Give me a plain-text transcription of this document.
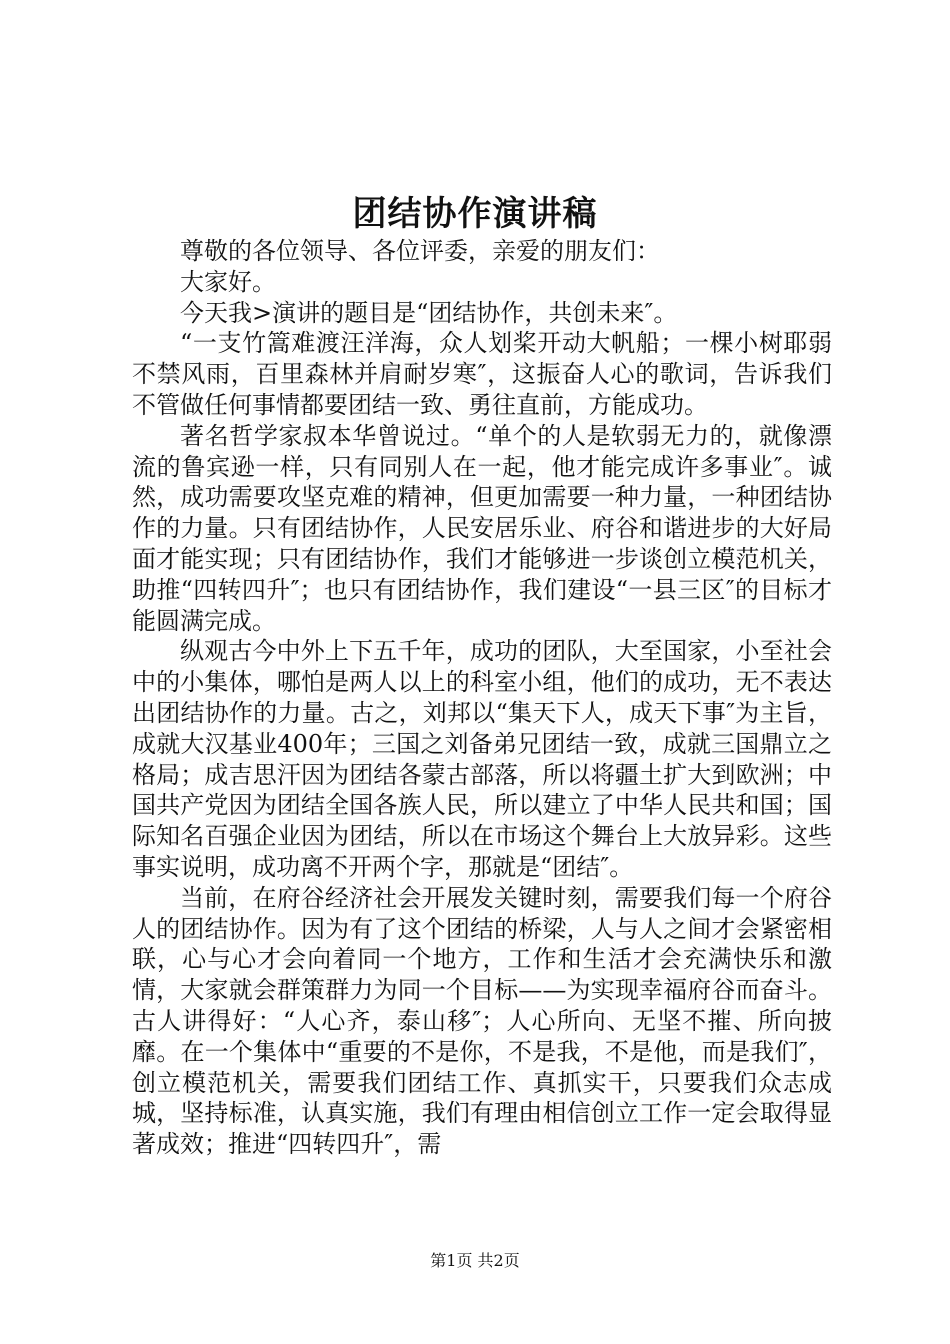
团结协作演讲稿

尊敬的各位领导、各位评委，亲爱的朋友们：

大家好。

今天我>演讲的题目是“团结协作，共创未来″。

“一支竹篙难渡汪洋海，众人划桨开动大帆船；一棵小树耶弱不禁风雨，百里森林并肩耐岁寒″，这振奋人心的歌词，告诉我们不管做任何事情都要团结一致、勇往直前，方能成功。

著名哲学家叔本华曾说过。“单个的人是软弱无力的，就像漂流的鲁宾逊一样，只有同别人在一起，他才能完成许多事业″。诚然，成功需要攻坚克难的精神，但更加需要一种力量，一种团结协作的力量。只有团结协作，人民安居乐业、府谷和谐进步的大好局面才能实现；只有团结协作，我们才能够进一步谈创立模范机关，助推“四转四升″；也只有团结协作，我们建设“一县三区″的目标才能圆满完成。

纵观古今中外上下五千年，成功的团队，大至国家，小至社会中的小集体，哪怕是两人以上的科室小组，他们的成功，无不表达出团结协作的力量。古之，刘邦以“集天下人，成天下事″为主旨，成就大汉基业400年；三国之刘备弟兄团结一致，成就三国鼎立之格局；成吉思汗因为团结各蒙古部落，所以将疆土扩大到欧洲；中国共产党因为团结全国各族人民，所以建立了中华人民共和国；国际知名百强企业因为团结，所以在市场这个舞台上大放异彩。这些事实说明，成功离不开两个字，那就是“团结″。

当前，在府谷经济社会开展发关键时刻，需要我们每一个府谷人的团结协作。因为有了这个团结的桥梁，人与人之间才会紧密相联，心与心才会向着同一个地方，工作和生活才会充满快乐和激情，大家就会群策群力为同一个目标——为实现幸福府谷而奋斗。古人讲得好：“人心齐，泰山移″；人心所向、无坚不摧、所向披靡。在一个集体中“重要的不是你，不是我，不是他，而是我们″，创立模范机关，需要我们团结工作、真抓实干，只要我们众志成城，坚持标准，认真实施，我们有理由相信创立工作一定会取得显著成效；推进“四转四升″，需

第1页 共2页
